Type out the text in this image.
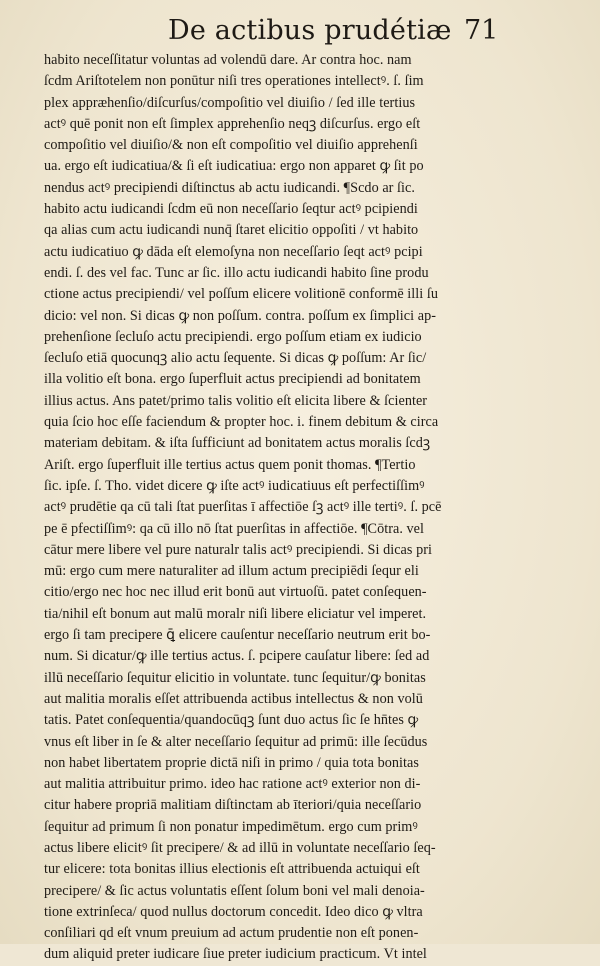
De actibus prudétiæ 71
habito neceſſitatur voluntas ad volendū dare. Ar contra hoc. nam
ſcdm Ariſtotelem non ponūtur niſi tres operationes intellectꝰ. ſ. ſim
plex appræhenſio/diſcurſus/compoſitio vel diuiſio / ſed ille tertius
actꝰ quē ponit non eſt ſimplex apprehenſio neqꝫ diſcurſus. ergo eſt
compoſitio vel diuiſio/& non eſt compoſitio vel diuiſio apprehenſi
ua. ergo eſt iudicatiua/& ſi eſt iudicatiua: ergo non apparet ꝙ ſit po
nendus actꝰ precipiendi diſtinctus ab actu iudicandi. ¶Scdo ar ſic.
habito actu iudicandi ſcdm eū non neceſſario ſeqtur actꝰ pcipiendi
qa alias cum actu iudicandi nunq̄ ſtaret elicitio oppoſiti / vt habito
actu iudicatiuo ꝙ dāda eſt elemoſyna non neceſſario ſeqt actꝰ pcipi
endi. ſ. des vel fac. Tunc ar ſic. illo actu iudicandi habito ſine produ
ctione actus precipiendi/ vel poſſum elicere volitionē conformē illi ſu
dicio: vel non. Si dicas ꝙ non poſſum. contra. poſſum ex ſimplici ap-
prehenſione ſecluſo actu precipiendi. ergo poſſum etiam ex iudicio
ſecluſo etiā quocunqꝫ alio actu ſequente. Si dicas ꝙ poſſum: Ar ſic/
illa volitio eſt bona. ergo ſuperfluit actus precipiendi ad bonitatem
illius actus. Ans patet/primo talis volitio eſt elicita libere & ſcienter
quia ſcio hoc eſſe faciendum & propter hoc. i. finem debitum & circa
materiam debitam. & iſta ſufficiunt ad bonitatem actus moralis ſcdꝫ
Ariſt. ergo ſuperfluit ille tertius actus quem ponit thomas. ¶Tertio
ſic. ipſe. ſ. Tho. videt dicere ꝙ iſte actꝰ iudicatiuus eſt perfectiſſimꝰ
actꝰ prudētie qa cū tali ſtat puerſitas ī affectiōe ſꝫ actꝰ ille tertiꝰ. ſ. pcē
pe ē pfectiſſimꝰ: qa cū illo nō ſtat puerſitas in affectiōe. ¶Cōtra. vel
cātur mere libere vel pure naturalr talis actꝰ precipiendi. Si dicas pri
mū: ergo cum mere naturaliter ad illum actum precipiēdi ſequr eli
citio/ergo nec hoc nec illud erit bonū aut virtuoſū. patet conſequen-
tia/nihil eſt bonum aut malū moralr niſi libere eliciatur vel imperet.
ergo ſi tam precipere ꝗ̄ elicere cauſentur neceſſario neutrum erit bo-
num. Si dicatur/ꝙ ille tertius actus. ſ. pcipere cauſatur libere: ſed ad
illū neceſſario ſequitur elicitio in voluntate. tunc ſequitur/ꝙ bonitas
aut malitia moralis eſſet attribuenda actibus intellectus & non volū
tatis. Patet conſequentia/quandocūqꝫ ſunt duo actus ſic ſe hn̄tes ꝙ
vnus eſt liber in ſe & alter neceſſario ſequitur ad primū: ille ſecūdus
non habet libertatem proprie dictā niſi in primo / quia tota bonitas
aut malitia attribuitur primo. ideo hac ratione actꝰ exterior non di-
citur habere propriā malitiam diſtinctam ab īteriori/quia neceſſario
ſequitur ad primum ſi non ponatur impedimētum. ergo cum primꝰ
actus libere elicitꝰ ſit precipere/ & ad illū in voluntate neceſſario ſeq-
tur elicere: tota bonitas illius electionis eſt attribuenda actuiqui eſt
precipere/ & ſic actus voluntatis eſſent ſolum boni vel mali denoia-
tione extrinſeca/ quod nullus doctorum concedit. Ideo dico ꝙ vltra
conſiliari qd eſt vnum preuium ad actum prudentie non eſt ponen-
dum aliquid preter iudicare ſiue preter iudicium practicum. Vt intel
